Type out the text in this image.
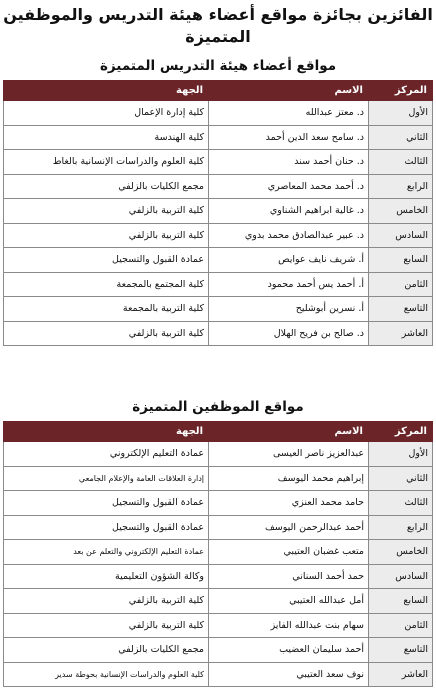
الفائزين بجائزة مواقع أعضاء هيئة التدريس والموظفين المتميزة
مواقع أعضاء هيئة التدريس المتميزة
المركز	الاسم	الجهة
الأول	د. معتز عبدالله	كلية إدارة الإعمال
الثاني	د. سامح سعد الدين أحمد	كلية الهندسة
الثالث	د. حنان أحمد سند	كلية العلوم والدراسات الإنسانية بالغاط
الرابع	د. أحمد محمد المعاصري	مجمع الكليات بالزلفي
الخامس	د. غالية ابراهيم الشناوي	كلية التربية بالزلفي
السادس	د. عبير عبدالصادق محمد بدوي	كلية التربية بالزلفي
السابع	أ. شريف نايف عوايص	عمادة القبول والتسجيل
الثامن	أ. أحمد يس أحمد محمود	كلية المجتمع بالمجمعة
التاسع	أ. نسرين أبوشليح	كلية التربية بالمجمعة
العاشر	د. صالح بن فريح الهلال	كلية التربية بالزلفي
مواقع الموظفين المتميزة
المركز	الاسم	الجهة
الأول	عبدالعزيز ناصر العيسى	عمادة التعليم الإلكتروني
الثاني	إبراهيم محمد اليوسف	إدارة العلاقات العامة والإعلام الجامعي
الثالث	حامد محمد العنزي	عمادة القبول والتسجيل
الرابع	أحمد عبدالرحمن اليوسف	عمادة القبول والتسجيل
الخامس	متعب غضبان العتيبي	عمادة التعليم الإلكتروني والتعلم عن بعد
السادس	حمد أحمد السناني	وكالة الشؤون التعليمية
السابع	أمل عبدالله العتيبي	كلية التربية بالزلفي
الثامن	سهام بنت عبدالله الفايز	كلية التربية بالزلفي
التاسع	أحمد سليمان العضيب	مجمع الكليات بالزلفي
العاشر	نوف سعد العتيبي	كلية العلوم والدراسات الإنسانية بحوطة سدير
